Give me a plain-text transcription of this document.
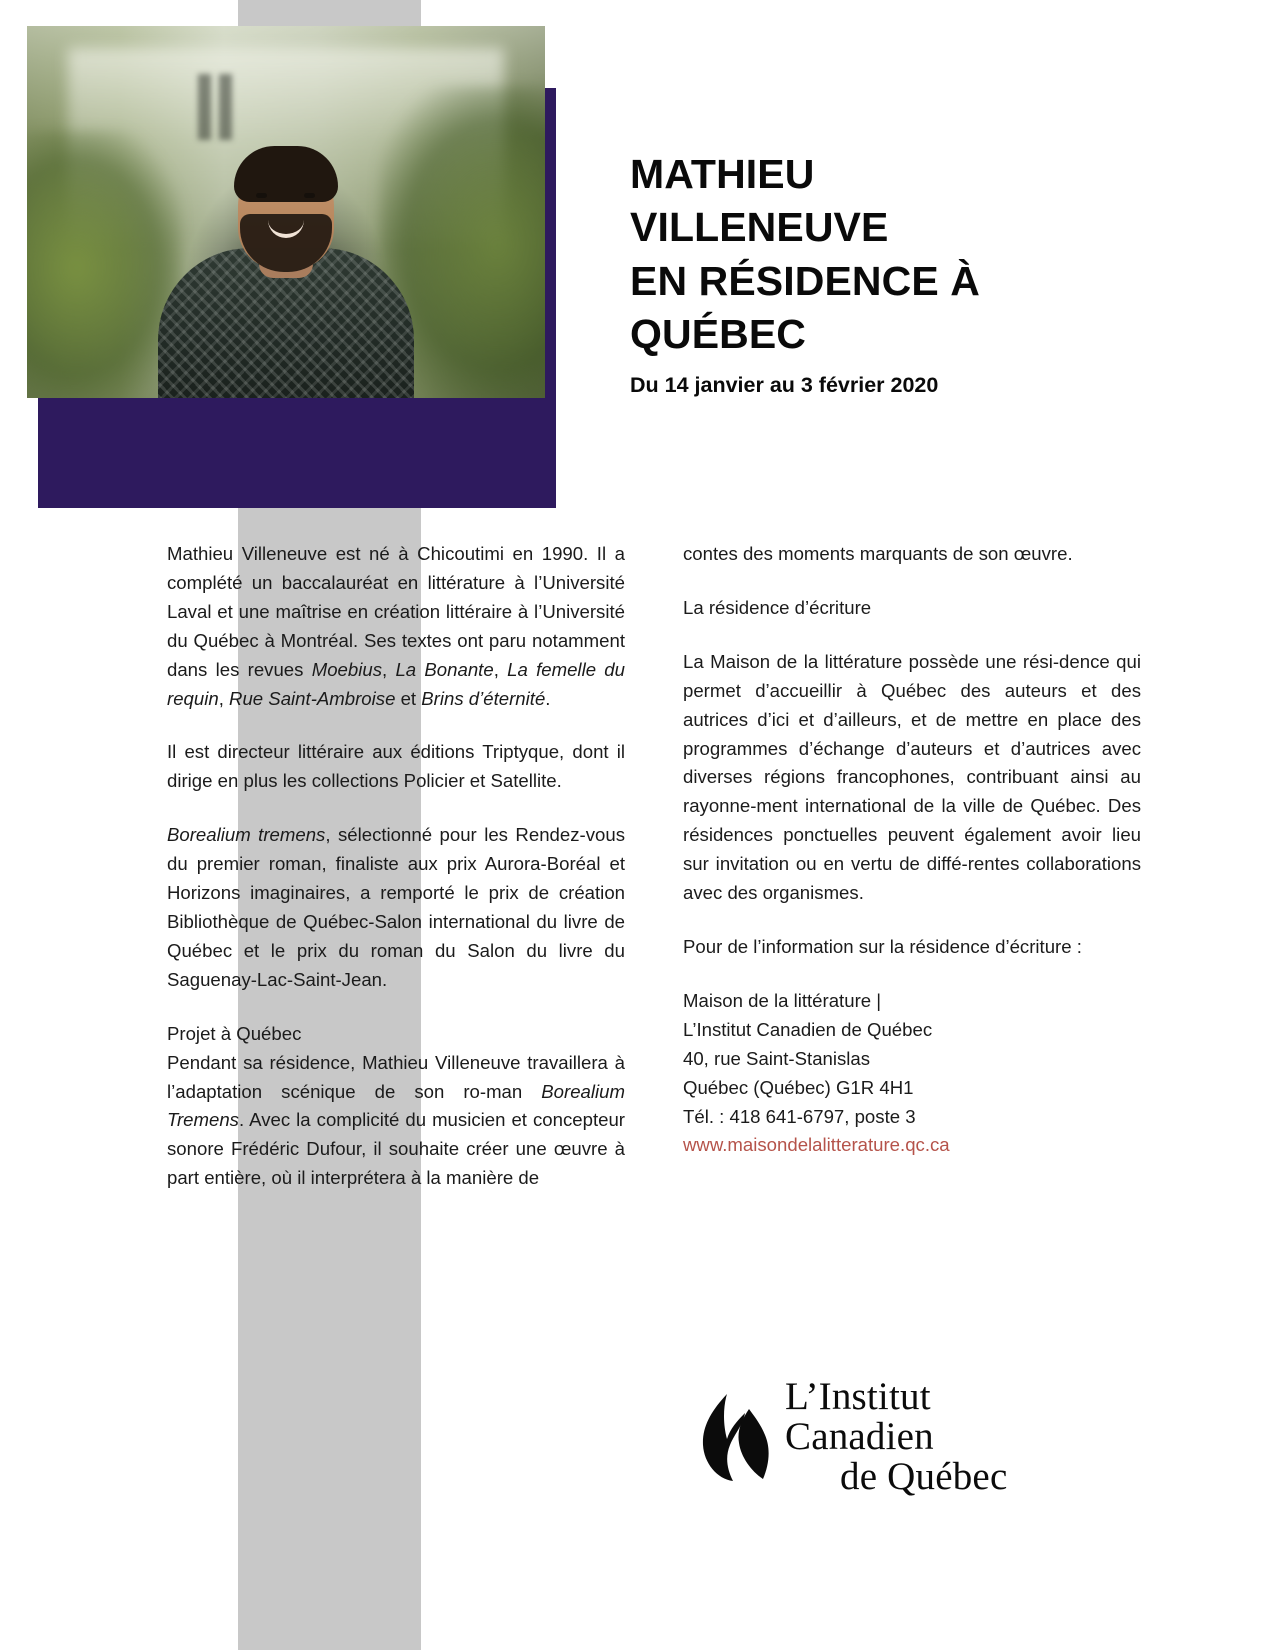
MATHIEU
VILLENEUVE
EN RÉSIDENCE À
QUÉBEC
Du 14 janvier au 3 février 2020

Mathieu Villeneuve est né à Chicoutimi en 1990. Il a complété un baccalauréat en littérature à l’Université Laval et une maîtrise en création littéraire à l’Université du Québec à Montréal. Ses textes ont paru notamment dans les revues Moebius, La Bonante, La femelle du requin, Rue Saint-Ambroise et Brins d’éternité.

Il est directeur littéraire aux éditions Triptyque, dont il dirige en plus les collections Policier et Satellite.

Borealium tremens, sélectionné pour les Rendez-vous du premier roman, finaliste aux prix Aurora-Boréal et Horizons imaginaires, a remporté le prix de création Bibliothèque de Québec-Salon international du livre de Québec et le prix du roman du Salon du livre du Saguenay-Lac-Saint-Jean.

Projet à Québec

Pendant sa résidence, Mathieu Villeneuve travaillera à l’adaptation scénique de son ro-man Borealium Tremens. Avec la complicité du musicien et concepteur sonore Frédéric Dufour, il souhaite créer une œuvre à part entière, où il interprétera à la manière de

contes des moments marquants de son œuvre.

La résidence d’écriture

La Maison de la littérature possède une rési-dence qui permet d’accueillir à Québec des auteurs et des autrices d’ici et d’ailleurs, et de mettre en place des programmes d’échange d’auteurs et d’autrices avec diverses régions francophones, contribuant ainsi au rayonne-ment international de la ville de Québec. Des résidences ponctuelles peuvent également avoir lieu sur invitation ou en vertu de diffé-rentes collaborations avec des organismes.

Pour de l’information sur la résidence d’écriture :

Maison de la littérature |
L’Institut Canadien de Québec
40, rue Saint-Stanislas
Québec (Québec) G1R 4H1
Tél. : 418 641-6797, poste 3
www.maisondelalitterature.qc.ca
L’Institut Canadien
de Québec
